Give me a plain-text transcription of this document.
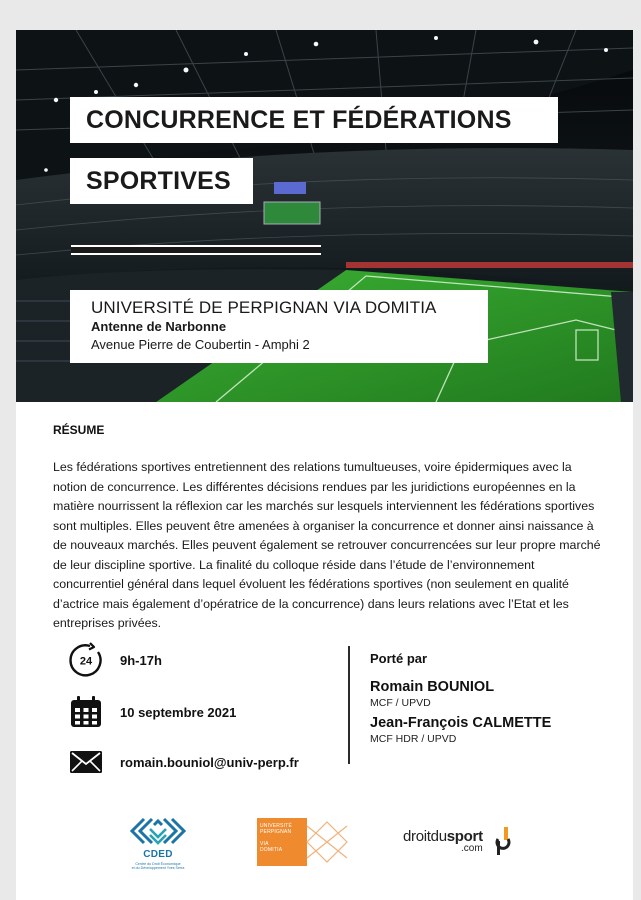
CONCURRENCE ET FÉDÉRATIONS
SPORTIVES
UNIVERSITÉ DE PERPIGNAN VIA DOMITIA
Antenne de Narbonne
Avenue Pierre de Coubertin - Amphi 2
RÉSUME
Les fédérations sportives entretiennent des relations tumultueuses, voire épidermiques avec la notion de concurrence. Les différentes décisions rendues par les juridictions européennes en la matière nourrissent la réflexion car les marchés sur lesquels interviennent les fédérations sportives sont multiples. Elles peuvent être amenées à organiser la concurrence et donner ainsi naissance à de nouveaux marchés. Elles peuvent également se retrouver concurrencées sur leur propre marché de leur discipline sportive. La finalité du colloque réside dans l’étude de l’environnement concurrentiel général dans lequel évoluent les fédérations sportives (non seulement en qualité d’actrice mais également d’opératrice de la concurrence) dans leurs relations avec l’Etat et les entreprises privées.
24 9h-17h
10 septembre 2021
romain.bouniol@univ-perp.fr
Porté par
Romain BOUNIOL
MCF / UPVD
Jean-François CALMETTE
MCF HDR / UPVD
CDED
Centre du Droit Économique
et du Développement Yves Serra
UNIVERSITÉ
PERPIGNAN
VIA
DOMITIA
droitdusport
.com
